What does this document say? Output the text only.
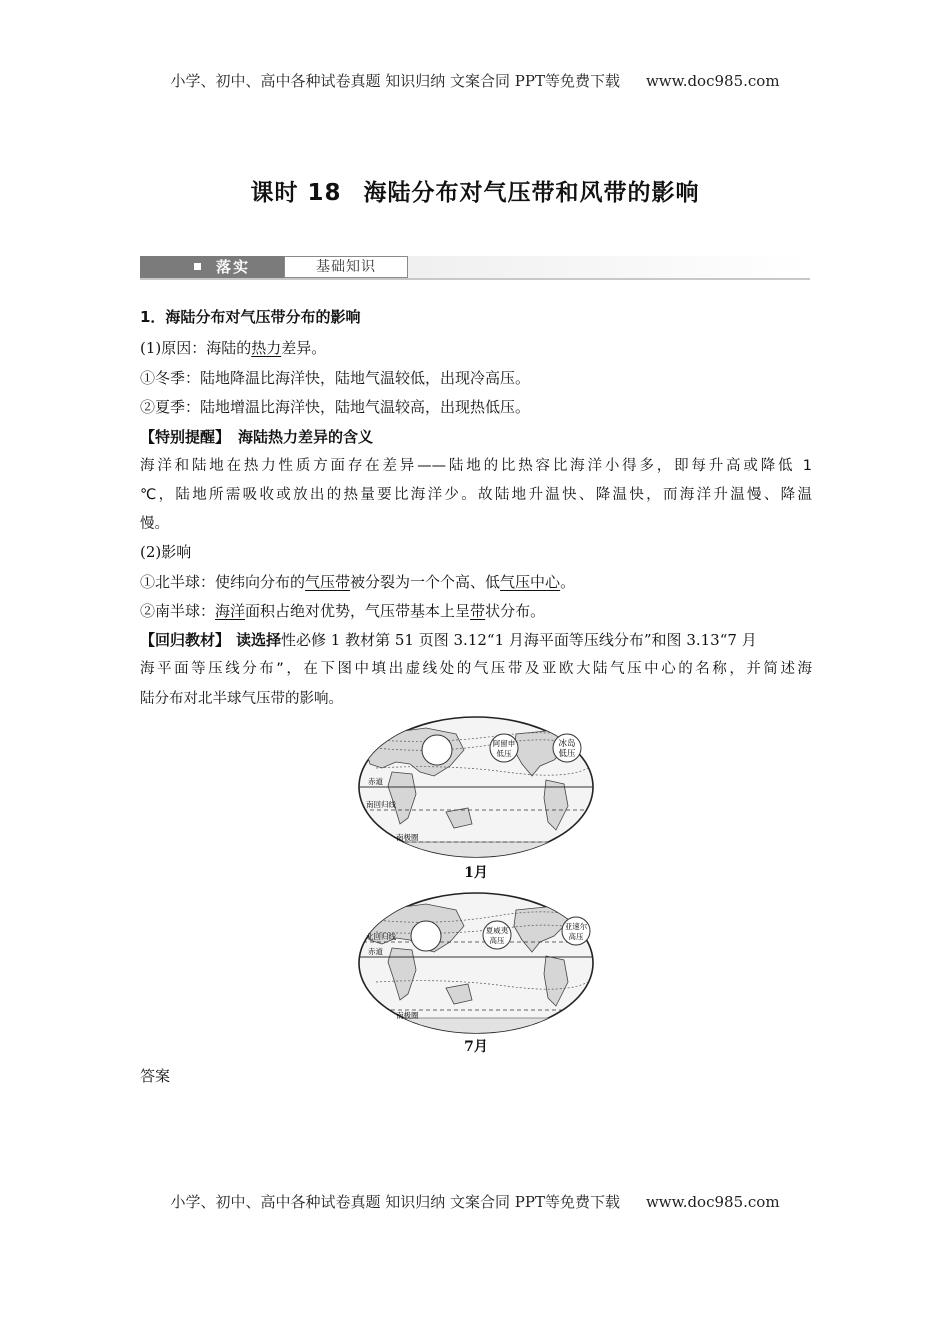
小学、初中、高中各种试卷真题 知识归纳 文案合同 PPT等免费下载 www.doc985.com
课时 18 海陆分布对气压带和风带的影响
落实	基础知识
1．海陆分布对气压带分布的影响
(1)原因：海陆的热力差异。
①冬季：陆地降温比海洋快，陆地气温较低，出现冷高压。
②夏季：陆地增温比海洋快，陆地气温较高，出现热低压。
【特别提醒】 海陆热力差异的含义
海洋和陆地在热力性质方面存在差异——陆地的比热容比海洋小得多，即每升高或降低 1
℃，陆地所需吸收或放出的热量要比海洋少。故陆地升温快、降温快，而海洋升温慢、降温
慢。
(2)影响
①北半球：使纬向分布的气压带被分裂为一个个高、低气压中心。
②南半球：海洋面积占绝对优势，气压带基本上呈带状分布。
【回归教材】 读选择性必修 1 教材第 51 页图 3.12“1 月海平面等压线分布”和图 3.13“7 月
海平面等压线分布”，在下图中填出虚线处的气压带及亚欧大陆气压中心的名称，并简述海
陆分布对北半球气压带的影响。
阿留申
低压
冰岛
低压
赤道
南回归线
南极圈
1月
夏威夷
高压
亚速尔
高压
北回归线
赤道
南极圈
7月
答案
小学、初中、高中各种试卷真题 知识归纳 文案合同 PPT等免费下载 www.doc985.com
